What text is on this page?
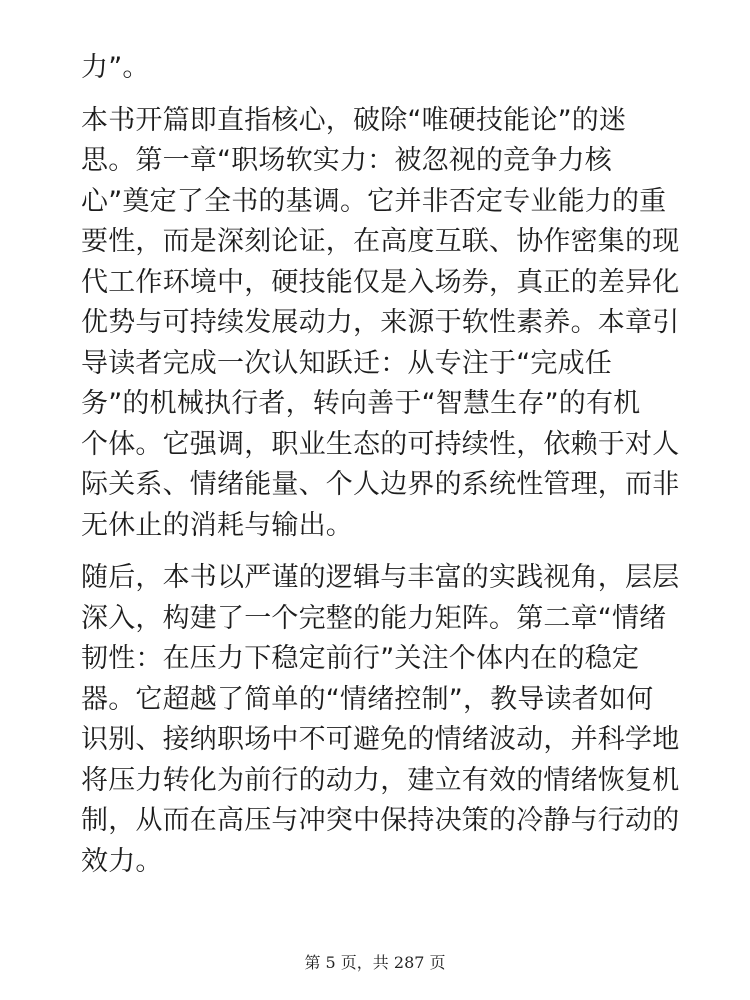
力”。
本书开篇即直指核心，破除“唯硬技能论”的迷
思。第一章“职场软实力：被忽视的竞争力核
心”奠定了全书的基调。它并非否定专业能力的重
要性，而是深刻论证，在高度互联、协作密集的现
代工作环境中，硬技能仅是入场券，真正的差异化
优势与可持续发展动力，来源于软性素养。本章引
导读者完成一次认知跃迁：从专注于“完成任
务”的机械执行者，转向善于“智慧生存”的有机
个体。它强调，职业生态的可持续性，依赖于对人
际关系、情绪能量、个人边界的系统性管理，而非
无休止的消耗与输出。
随后，本书以严谨的逻辑与丰富的实践视角，层层
深入，构建了一个完整的能力矩阵。第二章“情绪
韧性：在压力下稳定前行”关注个体内在的稳定
器。它超越了简单的“情绪控制”，教导读者如何
识别、接纳职场中不可避免的情绪波动，并科学地
将压力转化为前行的动力，建立有效的情绪恢复机
制，从而在高压与冲突中保持决策的冷静与行动的
效力。
第 5 页，共 287 页
